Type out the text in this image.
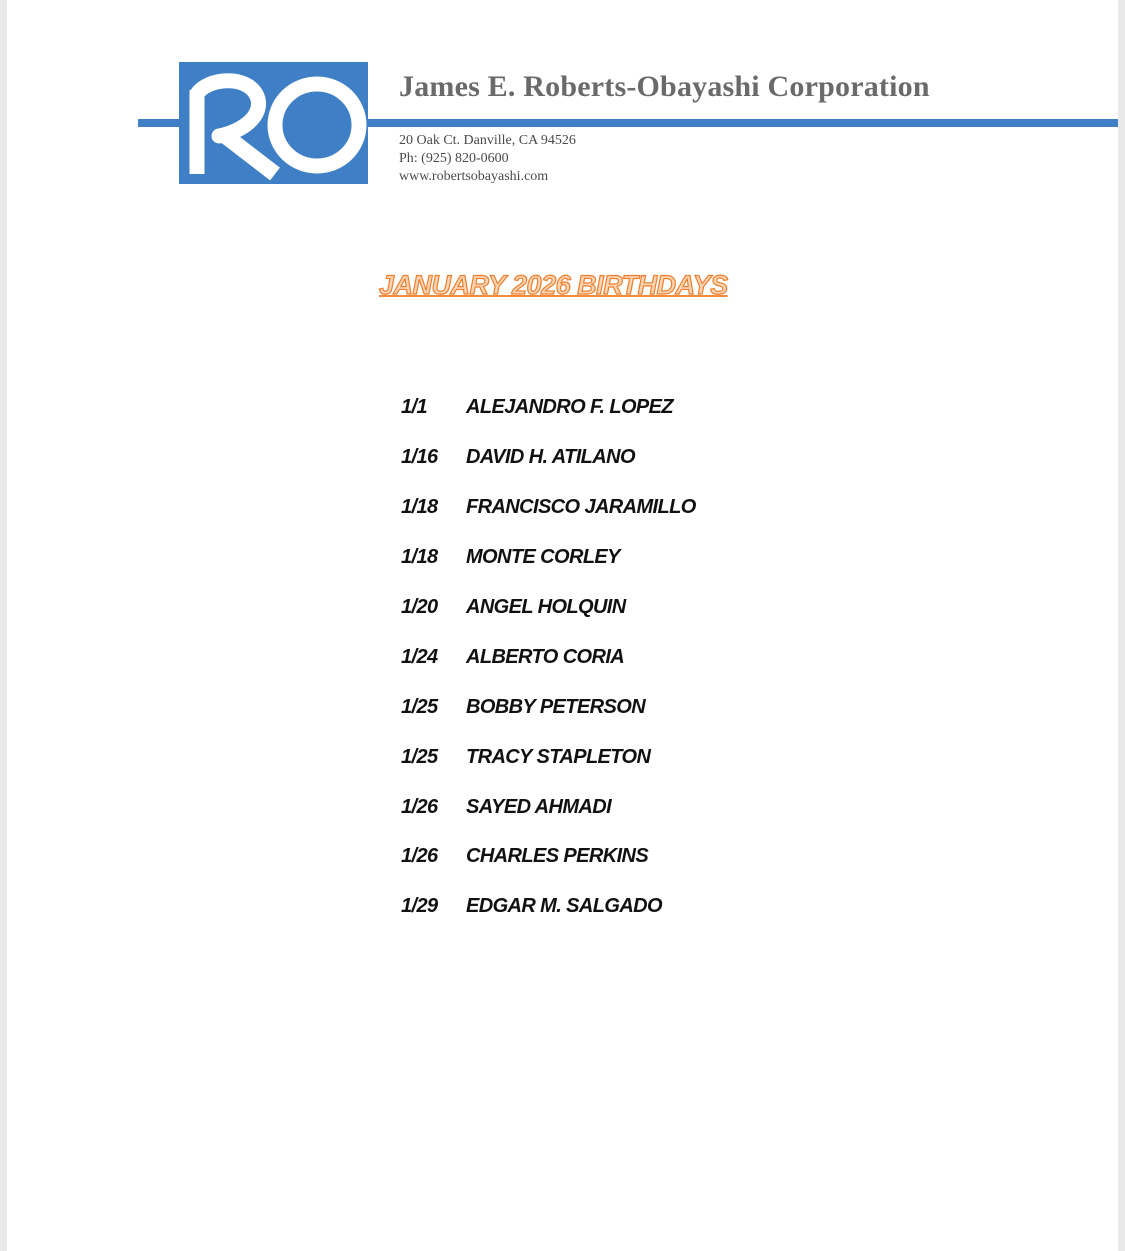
James E. Roberts-Obayashi Corporation
20 Oak Ct. Danville, CA 94526
Ph: (925) 820-0600
www.robertsobayashi.com
JANUARY 2026 BIRTHDAYS
1/1	ALEJANDRO F. LOPEZ
1/16	DAVID H. ATILANO
1/18	FRANCISCO JARAMILLO
1/18	MONTE CORLEY
1/20	ANGEL HOLQUIN
1/24	ALBERTO CORIA
1/25	BOBBY PETERSON
1/25	TRACY STAPLETON
1/26	SAYED AHMADI
1/26	CHARLES PERKINS
1/29	EDGAR M. SALGADO
